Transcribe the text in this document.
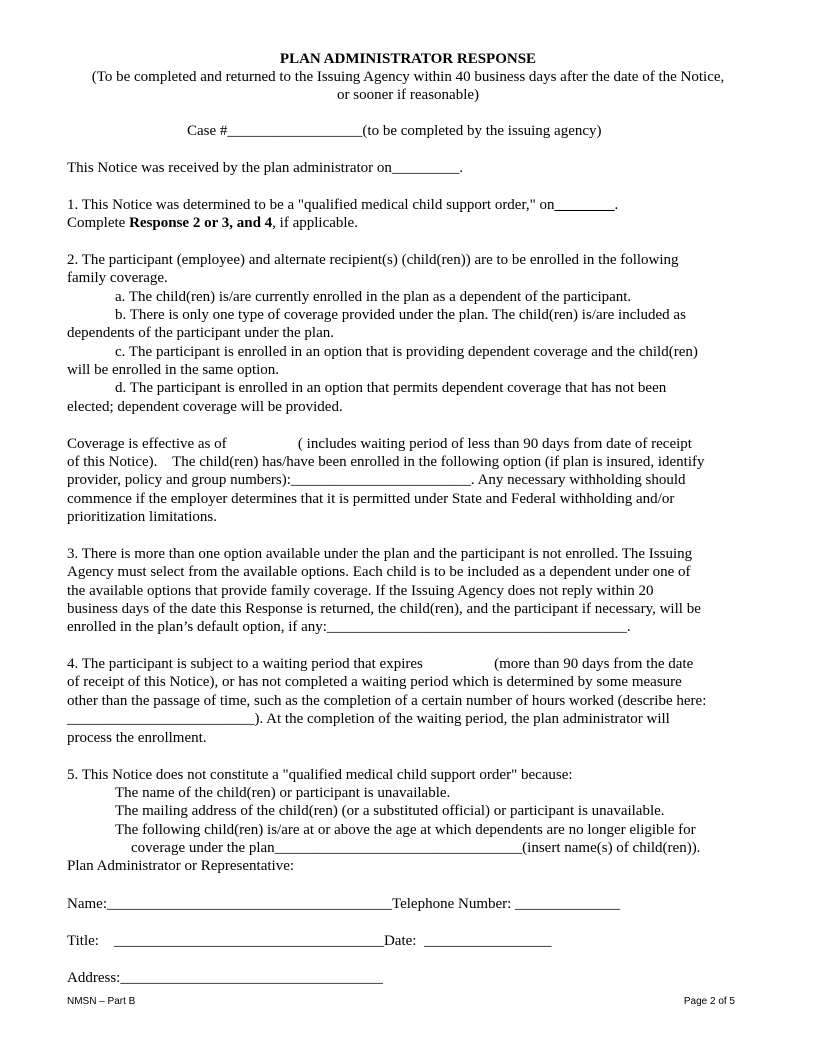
PLAN ADMINISTRATOR RESPONSE
(To be completed and returned to the Issuing Agency within 40 business days after the date of the Notice,
or sooner if reasonable)
Case #__________________(to be completed by the issuing agency)
This Notice was received by the plan administrator on_________.
1. This Notice was determined to be a "qualified medical child support order," on________.
Complete Response 2 or 3, and 4, if applicable.
2. The participant (employee) and alternate recipient(s) (child(ren)) are to be enrolled in the following
family coverage.
a. The child(ren) is/are currently enrolled in the plan as a dependent of the participant.
b. There is only one type of coverage provided under the plan. The child(ren) is/are included as
dependents of the participant under the plan.
c. The participant is enrolled in an option that is providing dependent coverage and the child(ren)
will be enrolled in the same option.
d. The participant is enrolled in an option that permits dependent coverage that has not been
elected; dependent coverage will be provided.
Coverage is effective as of                   ( includes waiting period of less than 90 days from date of receipt
of this Notice).    The child(ren) has/have been enrolled in the following option (if plan is insured, identify
provider, policy and group numbers):________________________. Any necessary withholding should
commence if the employer determines that it is permitted under State and Federal withholding and/or
prioritization limitations.
3. There is more than one option available under the plan and the participant is not enrolled. The Issuing
Agency must select from the available options. Each child is to be included as a dependent under one of
the available options that provide family coverage. If the Issuing Agency does not reply within 20
business days of the date this Response is returned, the child(ren), and the participant if necessary, will be
enrolled in the plan’s default option, if any:________________________________________.
4. The participant is subject to a waiting period that expires                   (more than 90 days from the date
of receipt of this Notice), or has not completed a waiting period which is determined by some measure
other than the passage of time, such as the completion of a certain number of hours worked (describe here:
_________________________). At the completion of the waiting period, the plan administrator will
process the enrollment.
5. This Notice does not constitute a "qualified medical child support order" because:
The name of the child(ren) or participant is unavailable.
The mailing address of the child(ren) (or a substituted official) or participant is unavailable.
The following child(ren) is/are at or above the age at which dependents are no longer eligible for
coverage under the plan_________________________________(insert name(s) of child(ren)).
Plan Administrator or Representative:
Name:______________________________________Telephone Number: ______________
Title:    ____________________________________Date:  _________________
Address:___________________________________
NMSN – Part B	Page 2 of 5
